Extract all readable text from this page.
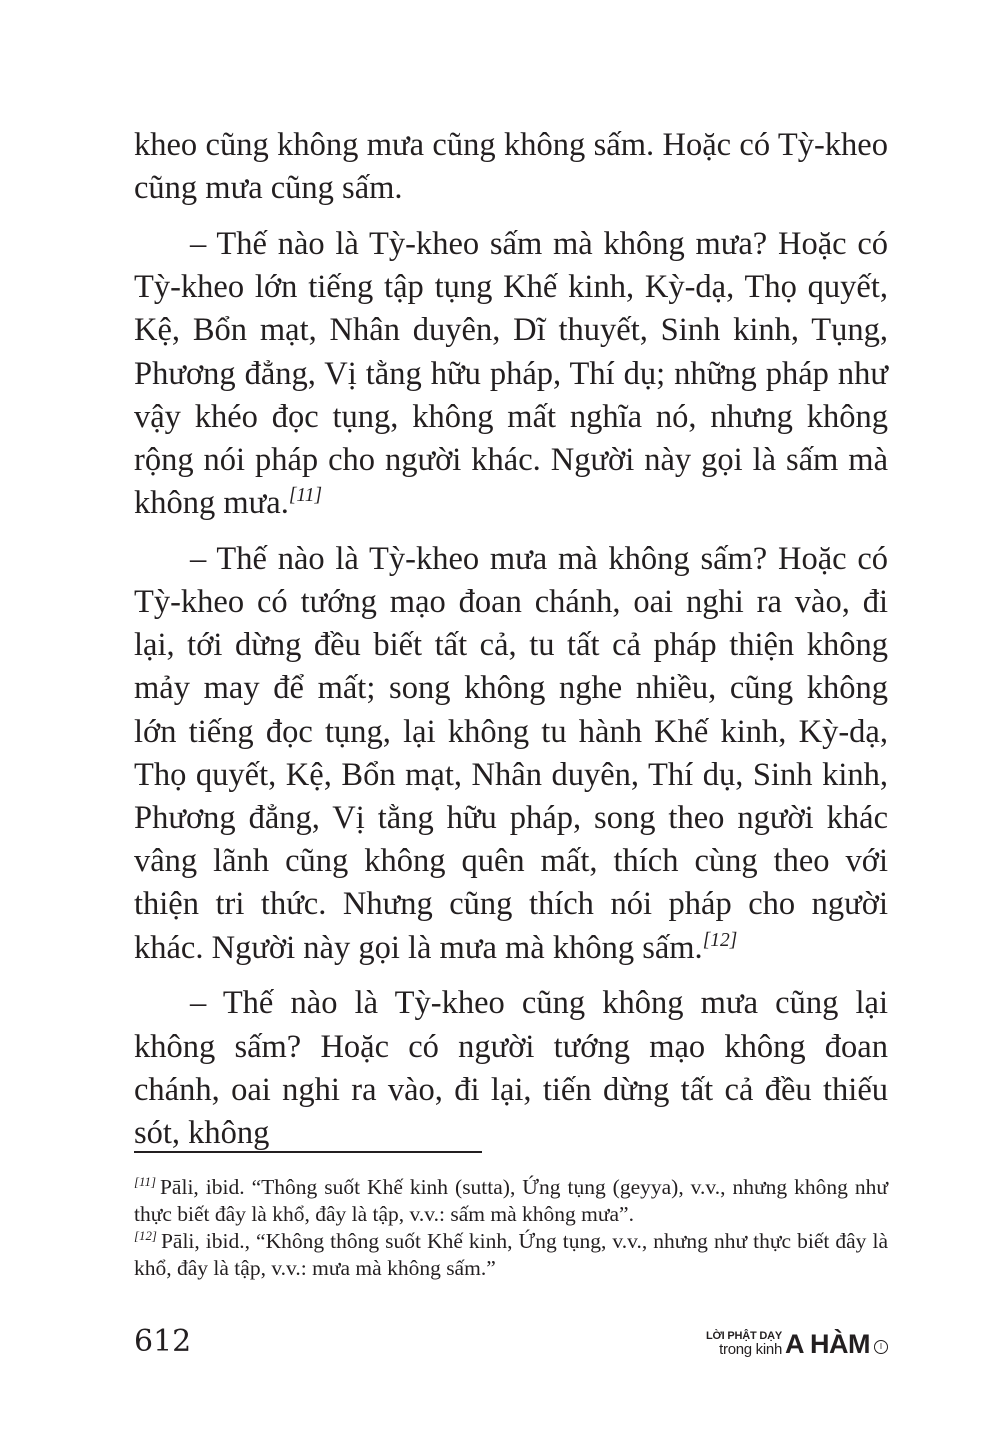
kheo cũng không mưa cũng không sấm. Hoặc có Tỳ-kheo cũng mưa cũng sấm.

– Thế nào là Tỳ-kheo sấm mà không mưa? Hoặc có Tỳ-kheo lớn tiếng tập tụng Khế kinh, Kỳ-dạ, Thọ quyết, Kệ, Bổn mạt, Nhân duyên, Dĩ thuyết, Sinh kinh, Tụng, Phương đẳng, Vị tằng hữu pháp, Thí dụ; những pháp như vậy khéo đọc tụng, không mất nghĩa nó, nhưng không rộng nói pháp cho người khác. Người này gọi là sấm mà không mưa.[11]

– Thế nào là Tỳ-kheo mưa mà không sấm? Hoặc có Tỳ-kheo có tướng mạo đoan chánh, oai nghi ra vào, đi lại, tới dừng đều biết tất cả, tu tất cả pháp thiện không mảy may để mất; song không nghe nhiều, cũng không lớn tiếng đọc tụng, lại không tu hành Khế kinh, Kỳ-dạ, Thọ quyết, Kệ, Bổn mạt, Nhân duyên, Thí dụ, Sinh kinh, Phương đẳng, Vị tằng hữu pháp, song theo người khác vâng lãnh cũng không quên mất, thích cùng theo với thiện tri thức. Nhưng cũng thích nói pháp cho người khác. Người này gọi là mưa mà không sấm.[12]

– Thế nào là Tỳ-kheo cũng không mưa cũng lại không sấm? Hoặc có người tướng mạo không đoan chánh, oai nghi ra vào, đi lại, tiến dừng tất cả đều thiếu sót, không

[11] Pāli, ibid. “Thông suốt Khế kinh (sutta), Ứng tụng (geyya), v.v., nhưng không như thực biết đây là khổ, đây là tập, v.v.: sấm mà không mưa”.

[12] Pāli, ibid., “Không thông suốt Khế kinh, Ứng tụng, v.v., nhưng như thực biết đây là khổ, đây là tập, v.v.: mưa mà không sấm.”

612	LỜI PHẬT DẠY
trong kinh A HÀM	I
